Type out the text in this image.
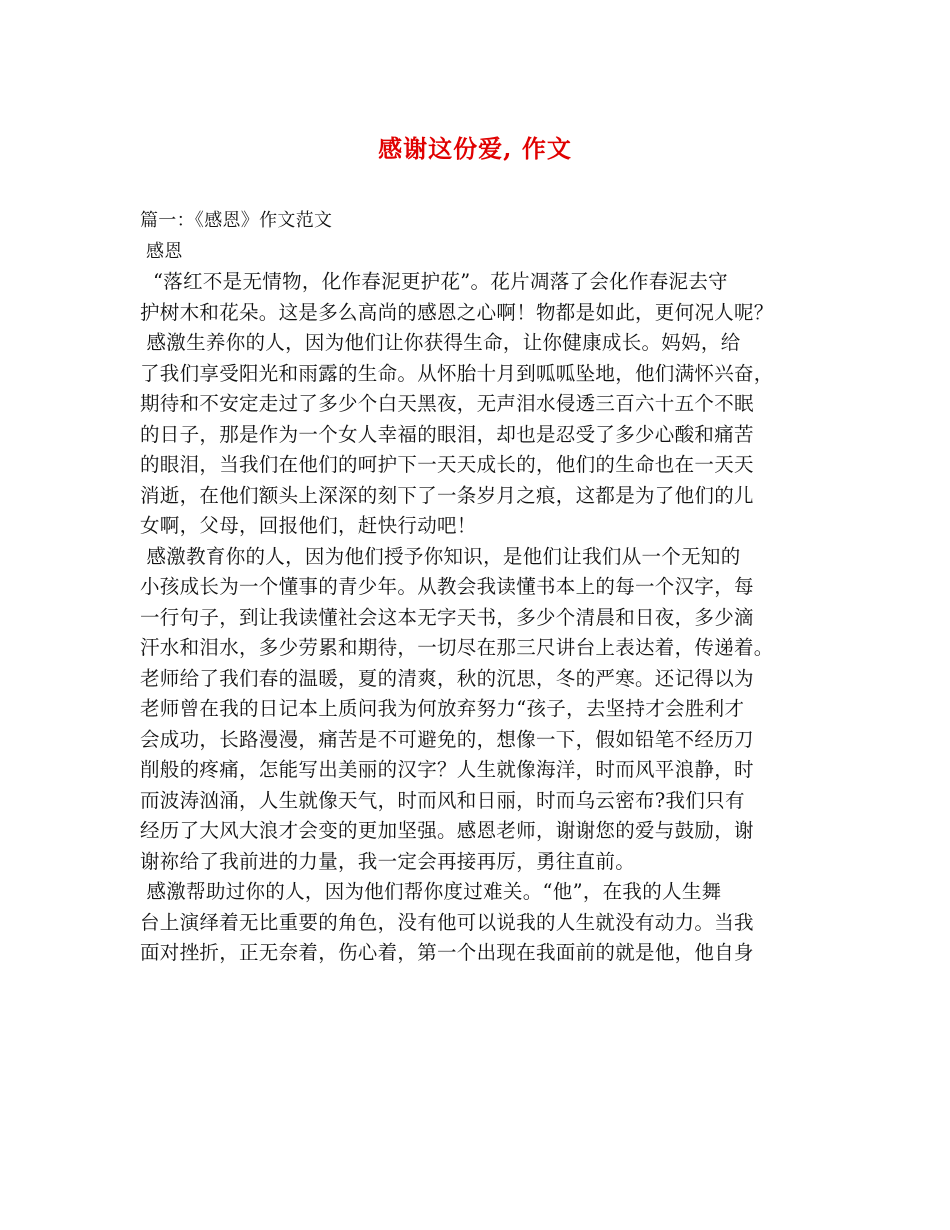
感谢这份爱, 作文
篇一：《感恩》作文范文
感恩
“落红不是无情物，化作春泥更护花”。花片凋落了会化作春泥去守
护树木和花朵。这是多么高尚的感恩之心啊！物都是如此，更何况人呢？
感激生养你的人，因为他们让你获得生命，让你健康成长。妈妈，给
了我们享受阳光和雨露的生命。从怀胎十月到呱呱坠地，他们满怀兴奋，
期待和不安定走过了多少个白天黑夜，无声泪水侵透三百六十五个不眠
的日子，那是作为一个女人幸福的眼泪，却也是忍受了多少心酸和痛苦
的眼泪，当我们在他们的呵护下一天天成长的，他们的生命也在一天天
消逝，在他们额头上深深的刻下了一条岁月之痕，这都是为了他们的儿
女啊，父母，回报他们，赶快行动吧！
感激教育你的人，因为他们授予你知识，是他们让我们从一个无知的
小孩成长为一个懂事的青少年。从教会我读懂书本上的每一个汉字，每
一行句子，到让我读懂社会这本无字天书，多少个清晨和日夜，多少滴
汗水和泪水，多少劳累和期待，一切尽在那三尺讲台上表达着，传递着。
老师给了我们春的温暖，夏的清爽，秋的沉思，冬的严寒。还记得以为
老师曾在我的日记本上质问我为何放弃努力“孩子，去坚持才会胜利才
会成功，长路漫漫，痛苦是不可避免的，想像一下，假如铅笔不经历刀
削般的疼痛，怎能写出美丽的汉字？人生就像海洋，时而风平浪静，时
而波涛汹涌，人生就像天气，时而风和日丽，时而乌云密布?我们只有
经历了大风大浪才会变的更加坚强。感恩老师，谢谢您的爱与鼓励，谢
谢祢给了我前进的力量，我一定会再接再厉，勇往直前。
感激帮助过你的人，因为他们帮你度过难关。“他”，在我的人生舞
台上演绎着无比重要的角色，没有他可以说我的人生就没有动力。当我
面对挫折，正无奈着，伤心着，第一个出现在我面前的就是他，他自身
